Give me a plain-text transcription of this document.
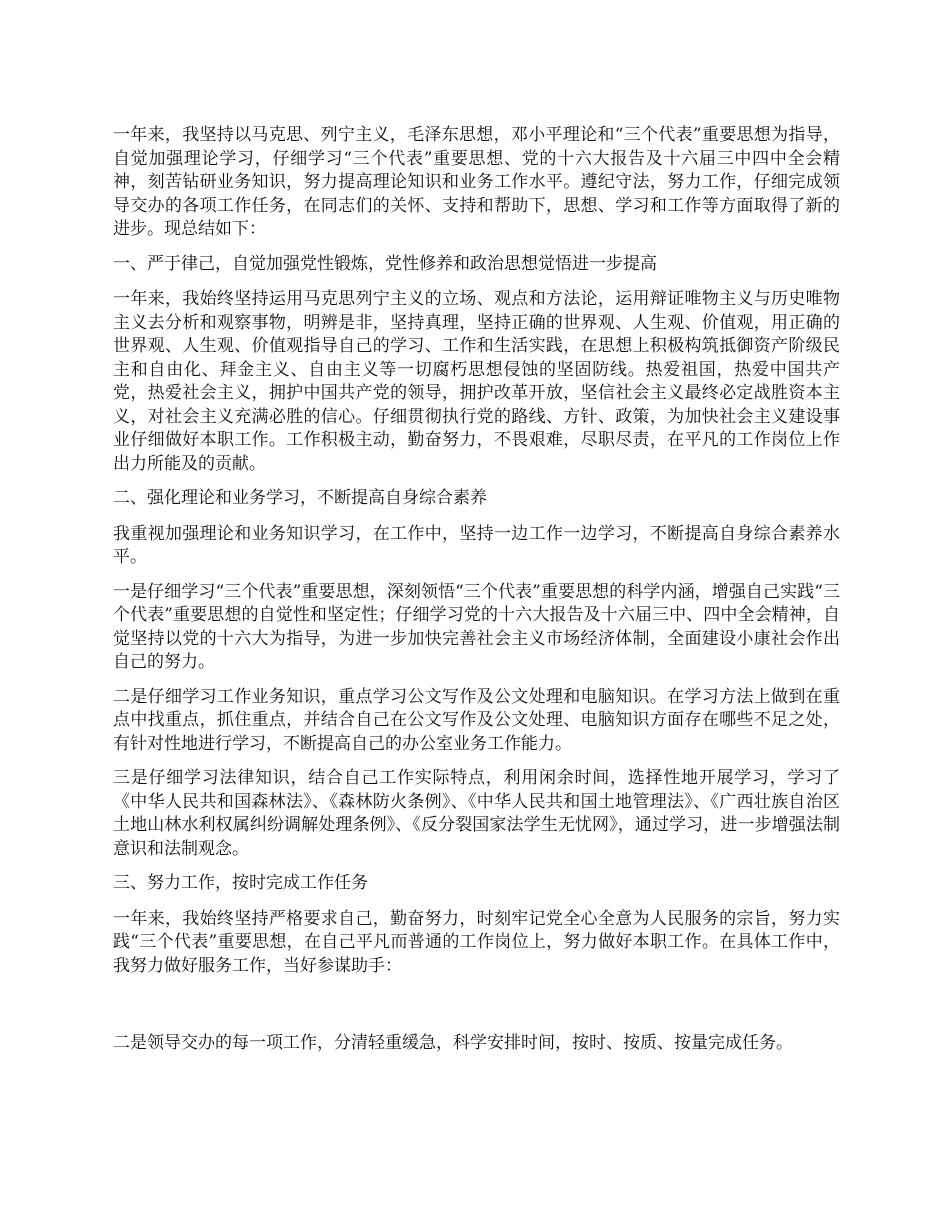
一年来，我坚持以马克思、列宁主义，毛泽东思想，邓小平理论和“三个代表”重要思想为指导，自觉加强理论学习，仔细学习“三个代表”重要思想、党的十六大报告及十六届三中四中全会精神，刻苦钻研业务知识，努力提高理论知识和业务工作水平。遵纪守法，努力工作，仔细完成领导交办的各项工作任务，在同志们的关怀、支持和帮助下，思想、学习和工作等方面取得了新的进步。现总结如下：

一、严于律己，自觉加强党性锻炼，党性修养和政治思想觉悟进一步提高

一年来，我始终坚持运用马克思列宁主义的立场、观点和方法论，运用辩证唯物主义与历史唯物主义去分析和观察事物，明辨是非，坚持真理，坚持正确的世界观、人生观、价值观，用正确的世界观、人生观、价值观指导自己的学习、工作和生活实践，在思想上积极构筑抵御资产阶级民主和自由化、拜金主义、自由主义等一切腐朽思想侵蚀的坚固防线。热爱祖国，热爱中国共产党，热爱社会主义，拥护中国共产党的领导，拥护改革开放，坚信社会主义最终必定战胜资本主义，对社会主义充满必胜的信心。仔细贯彻执行党的路线、方针、政策，为加快社会主义建设事业仔细做好本职工作。工作积极主动，勤奋努力，不畏艰难，尽职尽责，在平凡的工作岗位上作出力所能及的贡献。

二、强化理论和业务学习，不断提高自身综合素养

我重视加强理论和业务知识学习，在工作中，坚持一边工作一边学习，不断提高自身综合素养水平。

一是仔细学习“三个代表”重要思想，深刻领悟“三个代表”重要思想的科学内涵，增强自己实践“三个代表”重要思想的自觉性和坚定性；仔细学习党的十六大报告及十六届三中、四中全会精神，自觉坚持以党的十六大为指导，为进一步加快完善社会主义市场经济体制，全面建设小康社会作出自己的努力。

二是仔细学习工作业务知识，重点学习公文写作及公文处理和电脑知识。在学习方法上做到在重点中找重点，抓住重点，并结合自己在公文写作及公文处理、电脑知识方面存在哪些不足之处，有针对性地进行学习，不断提高自己的办公室业务工作能力。

三是仔细学习法律知识，结合自己工作实际特点，利用闲余时间，选择性地开展学习，学习了《中华人民共和国森林法》、《森林防火条例》、《中华人民共和国土地管理法》、《广西壮族自治区土地山林水利权属纠纷调解处理条例》、《反分裂国家法学生无忧网》，通过学习，进一步增强法制意识和法制观念。

三、努力工作，按时完成工作任务

一年来，我始终坚持严格要求自己，勤奋努力，时刻牢记党全心全意为人民服务的宗旨，努力实践“三个代表”重要思想，在自己平凡而普通的工作岗位上，努力做好本职工作。在具体工作中，我努力做好服务工作，当好参谋助手：

二是领导交办的每一项工作，分清轻重缓急，科学安排时间，按时、按质、按量完成任务。
